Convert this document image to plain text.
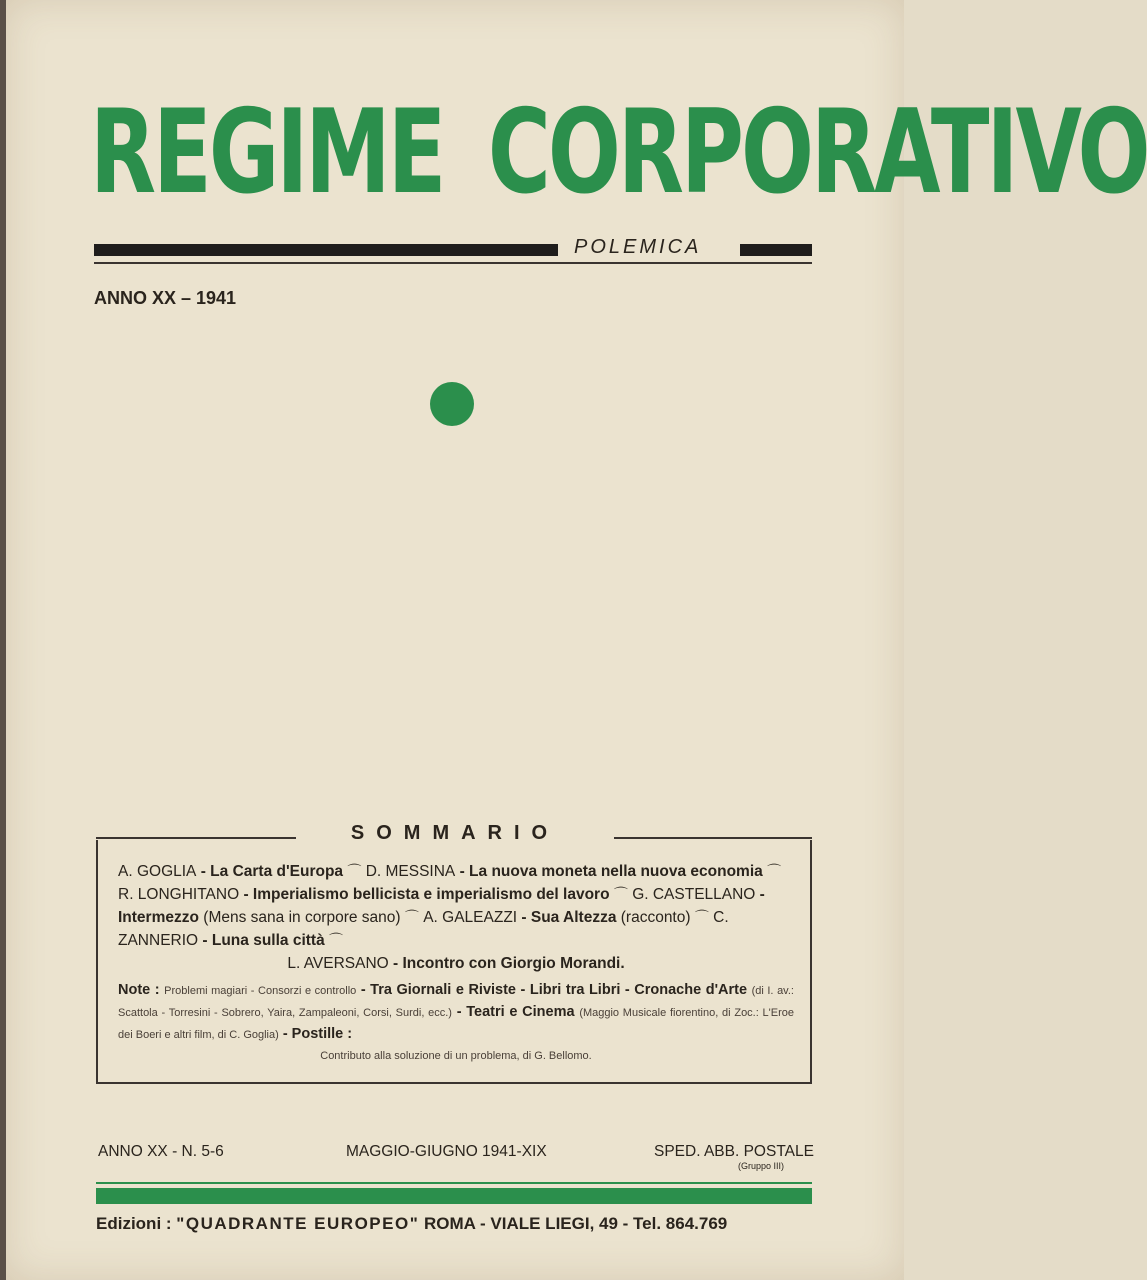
REGIME CORPORATIVO
POLEMICA
ANNO XX – 1941
SOMMARIO
A. GOGLIA - La Carta d'Europa ⌒ D. MESSINA - La nuova moneta nella nuova economia ⌒ R. LONGHITANO - Imperialismo bellicista e imperialismo del lavoro ⌒ G. CASTELLANO - Intermezzo (Mens sana in corpore sano) ⌒ A. GALEAZZI - Sua Altezza (racconto) ⌒ C. ZANNERIO - Luna sulla città ⌒
L. AVERSANO - Incontro con Giorgio Morandi.
Note : Problemi magiari - Consorzi e controllo - Tra Giornali e Riviste - Libri tra Libri - Cronache d'Arte (di I. av.: Scattola - Torresini - Sobrero, Yaira, Zampaleoni, Corsi, Surdi, ecc.) - Teatri e Cinema (Maggio Musicale fiorentino, di Zoc.: L'Eroe dei Boeri e altri film, di C. Goglia) - Postille :
Contributo alla soluzione di un problema, di G. Bellomo.
ANNO XX - N. 5-6	MAGGIO-GIUGNO 1941-XIX	SPED. ABB. POSTALE
(Gruppo III)
Edizioni : "QUADRANTE EUROPEO" ROMA - VIALE LIEGI, 49 - Tel. 864.769
